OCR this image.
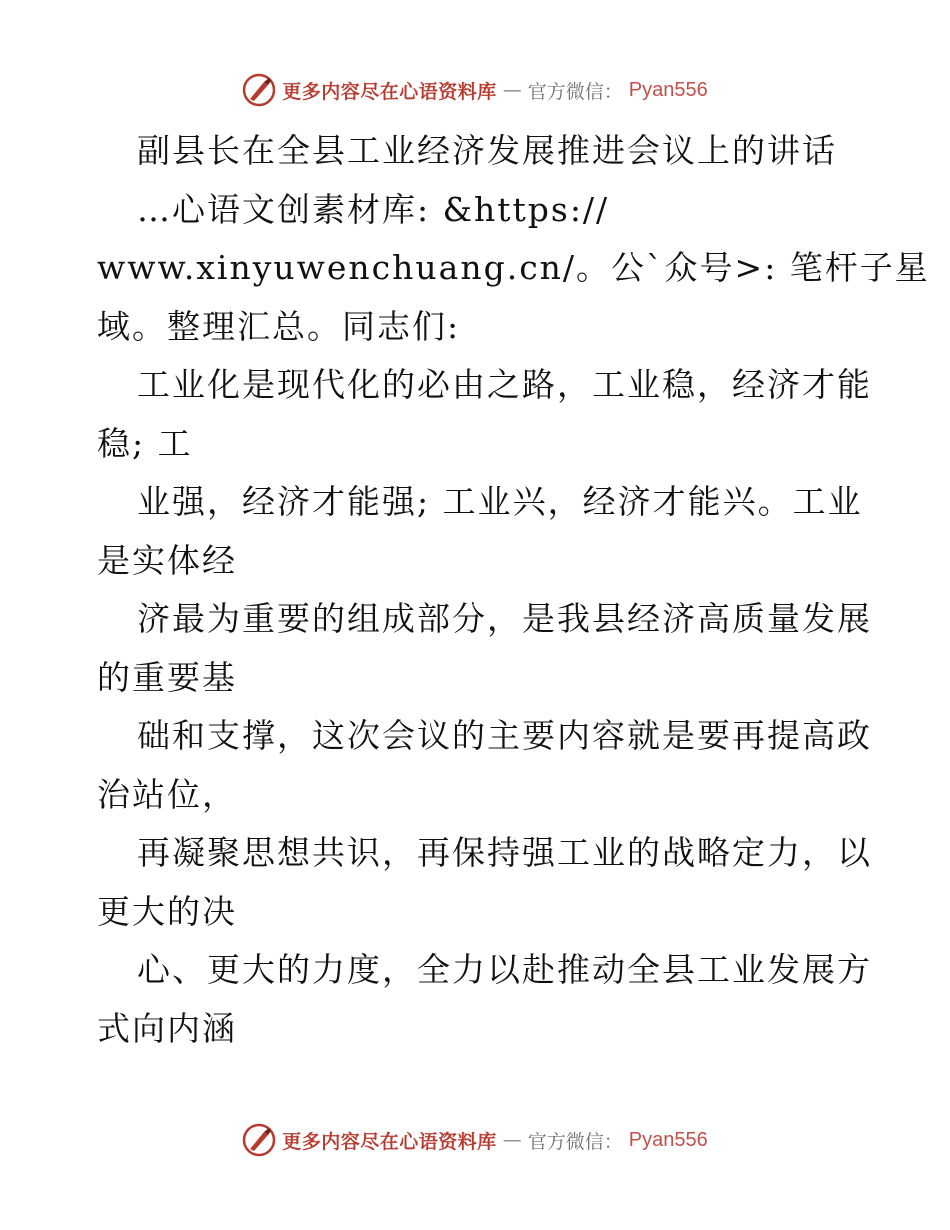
更多内容尽在心语资料库 — 官方微信： Pyan556
副县长在全县工业经济发展推进会议上的讲话
…心语文创素材库: &https://
www.xinyuwenchuang.cn/。公`众号>: 笔杆子星
域。整理汇总。同志们:
工业化是现代化的必由之路，工业稳，经济才能
稳; 工
业强，经济才能强; 工业兴，经济才能兴。工业
是实体经
济最为重要的组成部分，是我县经济高质量发展
的重要基
础和支撑，这次会议的主要内容就是要再提高政
治站位，
再凝聚思想共识，再保持强工业的战略定力，以
更大的决
心、更大的力度，全力以赴推动全县工业发展方
式向内涵
更多内容尽在心语资料库 — 官方微信： Pyan556
